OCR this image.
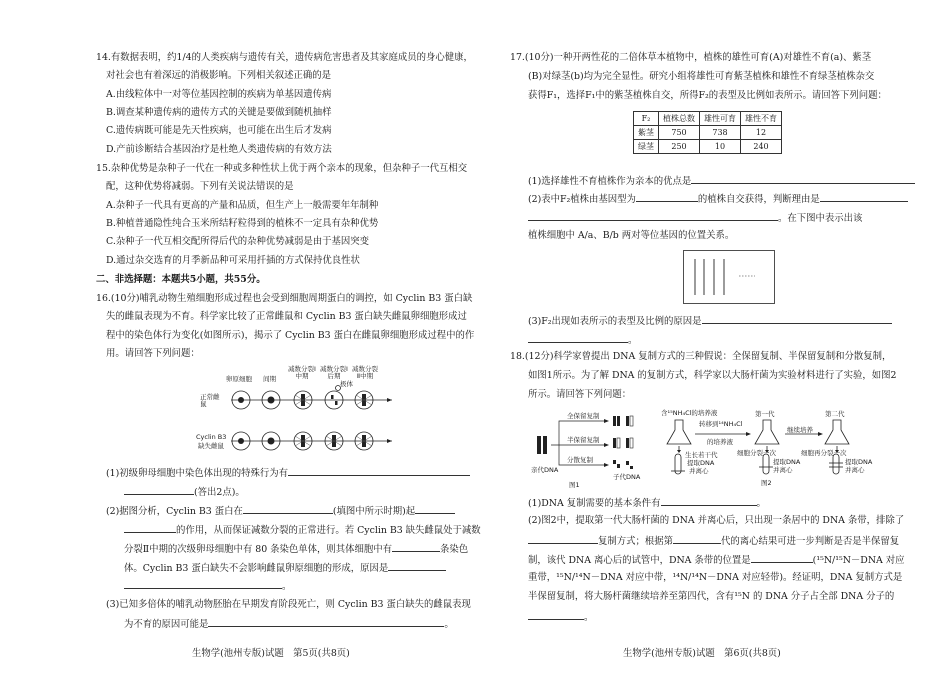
14.有数据表明，约1/4的人类疾病与遗传有关，遗传病危害患者及其家庭成员的身心健康，
对社会也有着深远的消极影响。下列相关叙述正确的是
A.由线粒体中一对等位基因控制的疾病为单基因遗传病
B.调查某种遗传病的遗传方式的关键是要做到随机抽样
C.遗传病既可能是先天性疾病，也可能在出生后才发病
D.产前诊断结合基因治疗是杜绝人类遗传病的有效方法
15.杂种优势是杂种子一代在一种或多种性状上优于两个亲本的现象，但杂种子一代互相交
配，这种优势将减弱。下列有关说法错误的是
A.杂种子一代具有更高的产量和品质，但生产上一般需要年年制种
B.种植普通隐性纯合玉米所结籽粒得到的植株不一定具有杂种优势
C.杂种子一代互相交配所得后代的杂种优势减弱是由于基因突变
D.通过杂交选育的月季新品种可采用扦插的方式保持优良性状
二、非选择题：本题共5小题，共55分。
16.(10分)哺乳动物生殖细胞形成过程也会受到细胞周期蛋白的调控，如 Cyclin B3 蛋白缺
失的雌鼠表现为不育。科学家比较了正常雌鼠和 Cyclin B3 蛋白缺失雌鼠卵细胞形成过
程中的染色体行为变化(如图所示)，揭示了 Cyclin B3 蛋白在雌鼠卵细胞形成过程中的作
用。请回答下列问题：
卵原细胞 间期
减数分裂Ⅰ中期
减数分裂Ⅰ后期
减数分裂Ⅱ中期
极体
正常雌鼠
Cyclin B3
缺失雌鼠
(1)初级卵母细胞中染色体出现的特殊行为有
(答出2点)。
(2)据图分析，Cyclin B3 蛋白在	(填图中所示时期)起
的作用，从而保证减数分裂的正常进行。若 Cyclin B3 缺失雌鼠处于减数
分裂Ⅱ中期的次级卵母细胞中有 80 条染色单体，则其体细胞中有	条染色
体。Cyclin B3 蛋白缺失不会影响雌鼠卵原细胞的形成，原因是
。
(3)已知多倍体的哺乳动物胚胎在早期发育阶段死亡，则 Cyclin B3 蛋白缺失的雌鼠表现
为不育的原因可能是	。
生物学(池州专版)试题　第5页(共8页)
17.(10分)一种开两性花的二倍体草本植物中，植株的雄性可育(A)对雄性不育(a)、紫茎
(B)对绿茎(b)均为完全显性。研究小组将雄性可育紫茎植株和雄性不育绿茎植株杂交
获得F₁，选择F₁中的紫茎植株自交，所得F₂的表型及比例如表所示。请回答下列问题：
F₂	植株总数	雄性可育	雄性不育
紫茎	750	738	12
绿茎	250	10	240
(1)选择雄性不育植株作为亲本的优点是
(2)表中F₂植株由基因型为	的植株自交获得，判断理由是
。在下图中表示出该
植株细胞中 A/a、B/b 两对等位基因的位置关系。
(3)F₂出现如表所示的表型及比例的原因是
。
18.(12分)科学家曾提出 DNA 复制方式的三种假说：全保留复制、半保留复制和分散复制，
如图1所示。为了解 DNA 的复制方式，科学家以大肠杆菌为实验材料进行了实验，如图2
所示。请回答下列问题：
全保留复制
半保留复制
分散复制
亲代DNA
子代DNA
图1
含¹⁵NH₄Cl的培养液
转移到¹⁴NH₄Cl
的培养液
第一代	第二代
继续培养
生长若干代
提取DNA
并离心
细胞分裂一次
提取DNA
并离心
细胞再分裂一次
提取DNA
并离心
图2
(1)DNA 复制需要的基本条件有	。
(2)图2中，提取第一代大肠杆菌的 DNA 并离心后，只出现一条居中的 DNA 条带，排除了
复制方式；根据第	代的离心结果可进一步判断是否是半保留复
制，该代 DNA 离心后的试管中，DNA 条带的位置是	(¹⁵N/¹⁵N－DNA 对应
重带，¹⁵N/¹⁴N－DNA 对应中带，¹⁴N/¹⁴N－DNA 对应轻带)。经证明，DNA 复制方式是
半保留复制，将大肠杆菌继续培养至第四代，含有¹⁵N 的 DNA 分子占全部 DNA 分子的
。
生物学(池州专版)试题　第6页(共8页)
